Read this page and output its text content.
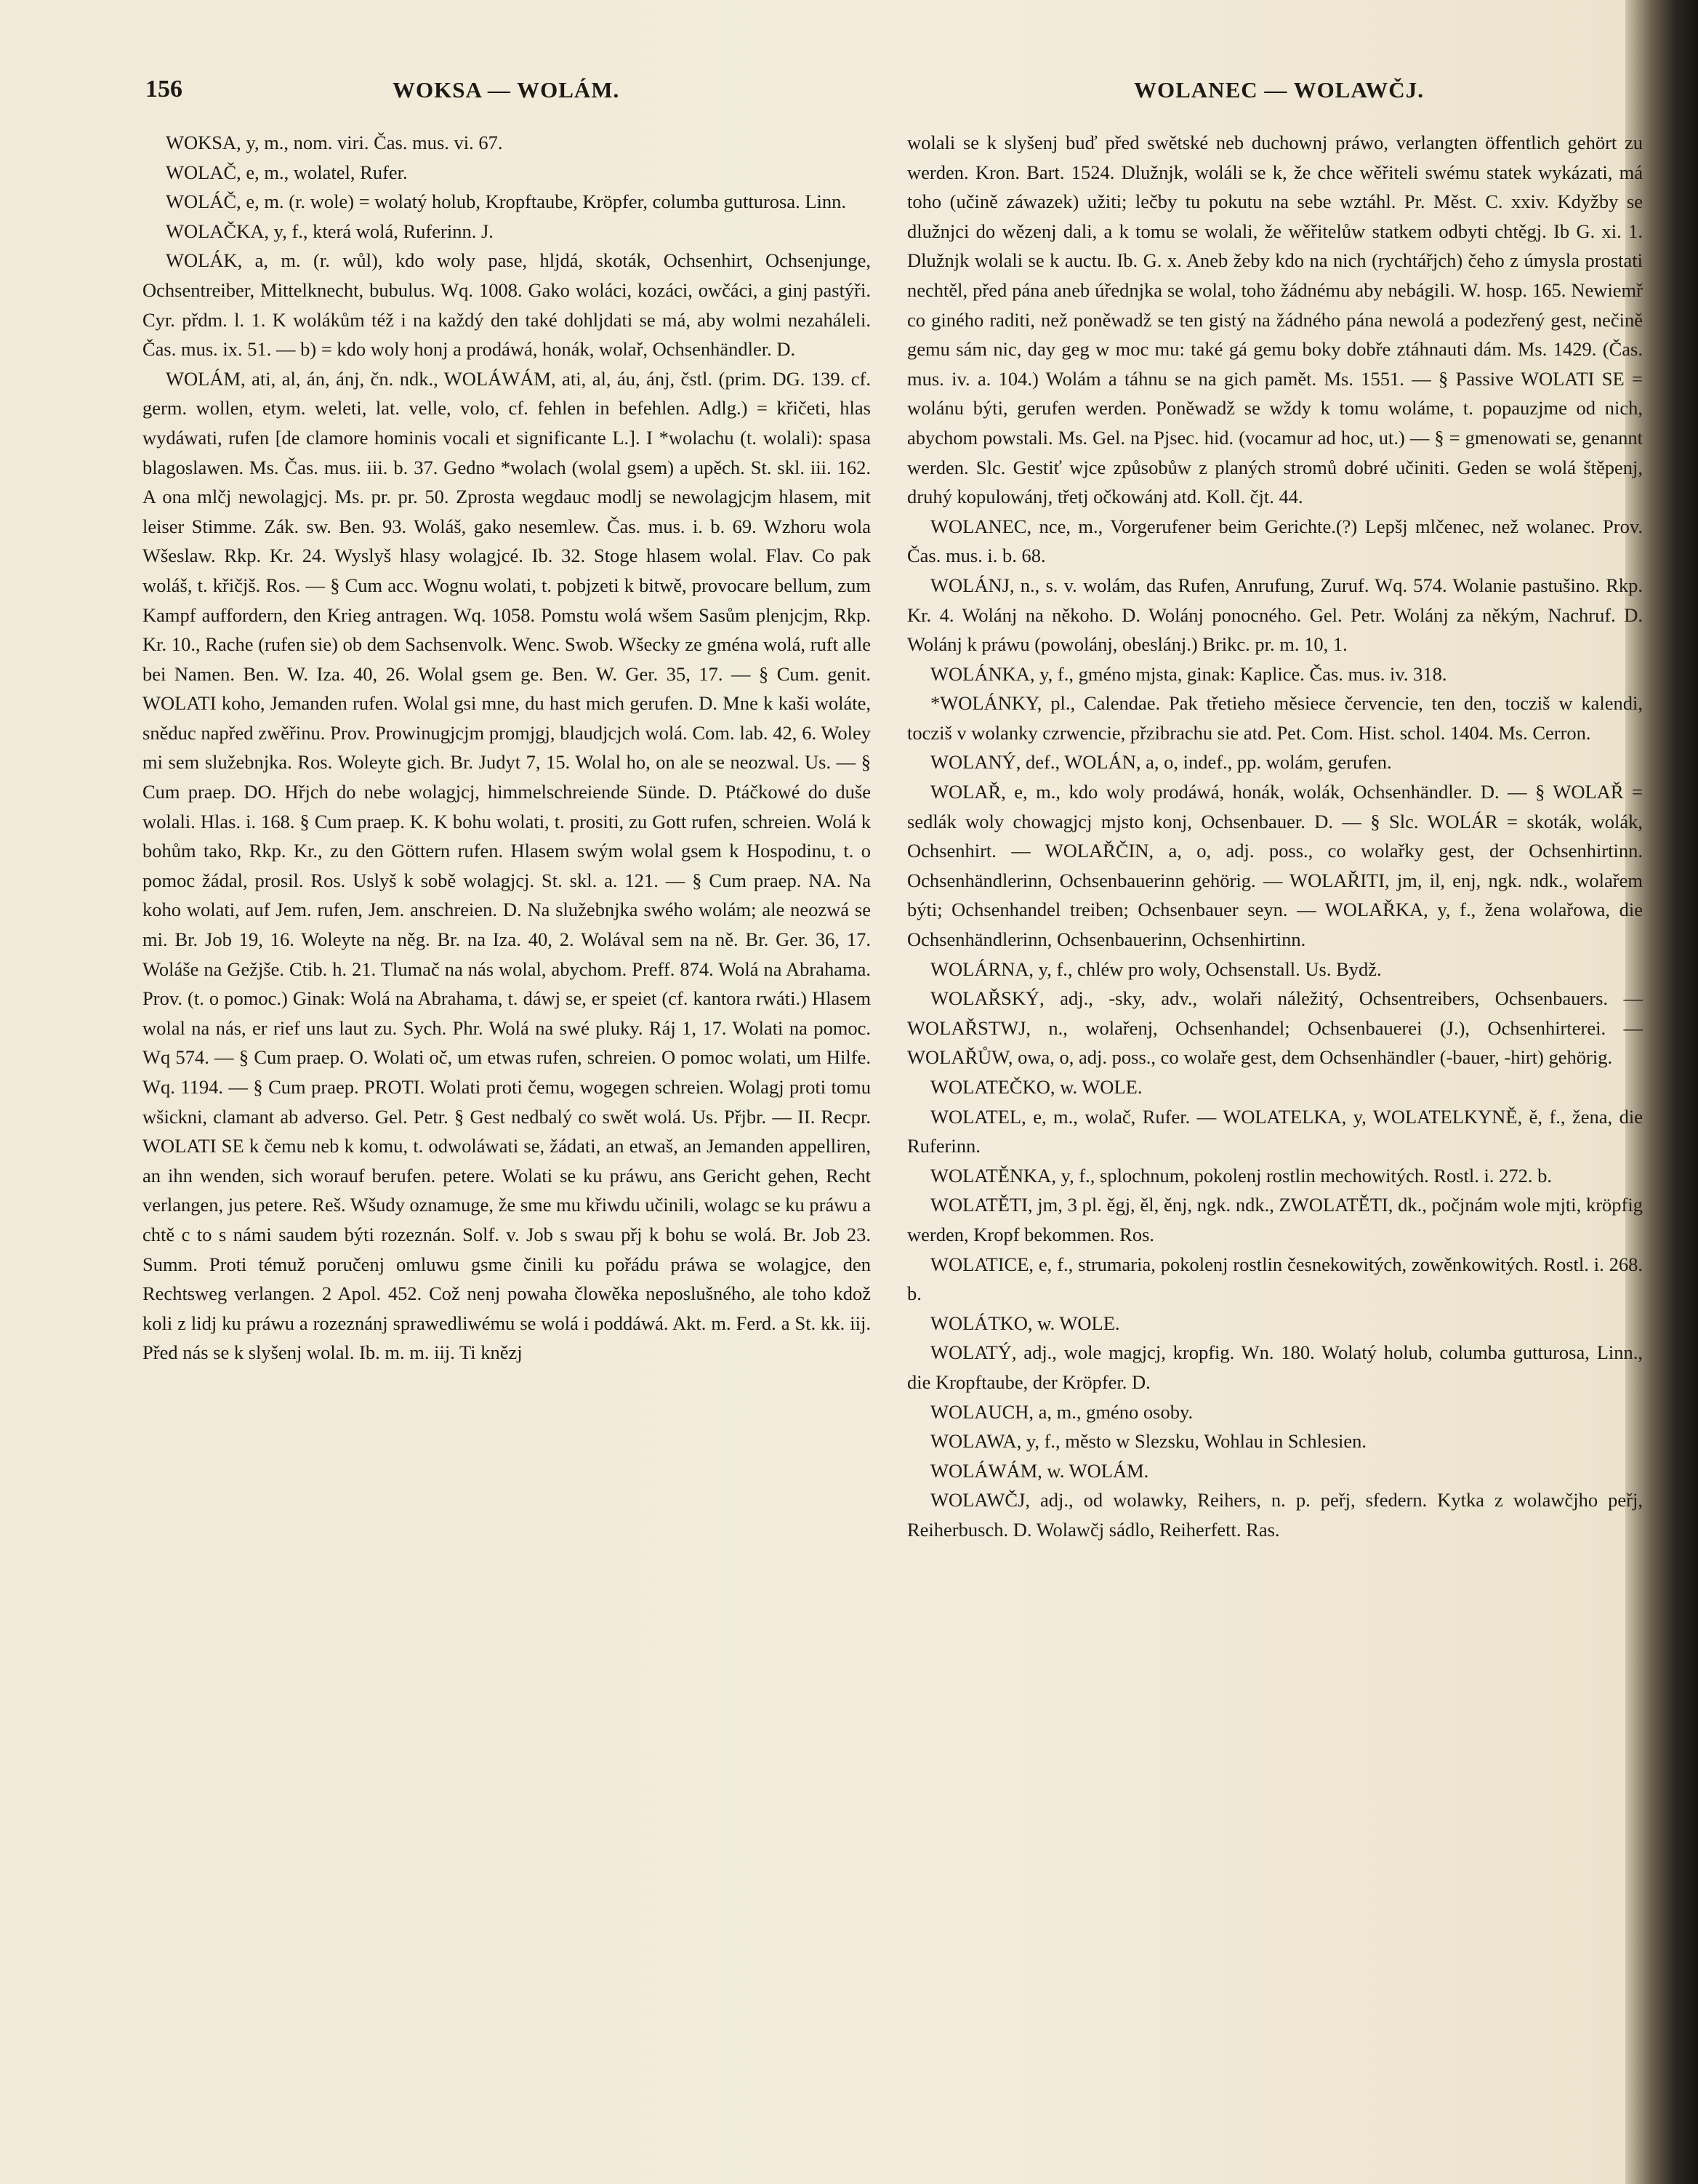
156	WOKSA — WOLÁM.	WOLANEC — WOLAWČJ.

WOKSA, y, m., nom. viri. Čas. mus. vi. 67.

WOLAČ, e, m., wolatel, Rufer.

WOLÁČ, e, m. (r. wole) = wolatý holub, Kropftaube, Kröpfer, columba gutturosa. Linn.

WOLAČKA, y, f., která wolá, Ruferinn. J.

WOLÁK, a, m. (r. wůl), kdo woly pase, hljdá, skoták, Ochsenhirt, Ochsenjunge, Ochsentreiber, Mittelknecht, bubulus. Wq. 1008. Gako woláci, kozáci, owčáci, a ginj pastýři. Cyr. přdm. l. 1. K wolákům též i na každý den také dohljdati se má, aby wolmi nezaháleli. Čas. mus. ix. 51. — b) = kdo woly honj a prodáwá, honák, wolař, Ochsenhändler. D.

WOLÁM, ati, al, án, ánj, čn. ndk., WOLÁWÁM, ati, al, áu, ánj, čstl. (prim. DG. 139. cf. germ. wollen, etym. weleti, lat. velle, volo, cf. fehlen in befehlen. Adlg.) = křičeti, hlas wydáwati, rufen [de clamore hominis vocali et significante L.]. I *wolachu (t. wolali): spasa blagoslawen. Ms. Čas. mus. iii. b. 37. Gedno *wolach (wolal gsem) a upěch. St. skl. iii. 162. A ona mlčj newolagjcj. Ms. pr. pr. 50. Zprosta wegdauc modlj se newolagjcjm hlasem, mit leiser Stimme. Zák. sw. Ben. 93. Woláš, gako nesemlew. Čas. mus. i. b. 69. Wzhoru wola Wšeslaw. Rkp. Kr. 24. Wyslyš hlasy wolagjcé. Ib. 32. Stoge hlasem wolal. Flav. Co pak woláš, t. křičjš. Ros. — § Cum acc. Wognu wolati, t. pobjzeti k bitwě, provocare bellum, zum Kampf auffordern, den Krieg antragen. Wq. 1058. Pomstu wolá wšem Sasům plenjcjm, Rkp. Kr. 10., Rache (rufen sie) ob dem Sachsenvolk. Wenc. Swob. Wšecky ze gména wolá, ruft alle bei Namen. Ben. W. Iza. 40, 26. Wolal gsem ge. Ben. W. Ger. 35, 17. — § Cum. genit. WOLATI koho, Jemanden rufen. Wolal gsi mne, du hast mich gerufen. D. Mne k kaši woláte, sněduc napřed zwěřinu. Prov. Prowinugjcjm promjgj, blaudjcjch wolá. Com. lab. 42, 6. Woley mi sem služebnjka. Ros. Woleyte gich. Br. Judyt 7, 15. Wolal ho, on ale se neozwal. Us. — § Cum praep. DO. Hřjch do nebe wolagjcj, himmelschreiende Sünde. D. Ptáčkowé do duše wolali. Hlas. i. 168. § Cum praep. K. K bohu wolati, t. prositi, zu Gott rufen, schreien. Wolá k bohům tako, Rkp. Kr., zu den Göttern rufen. Hlasem swým wolal gsem k Hospodinu, t. o pomoc žádal, prosil. Ros. Uslyš k sobě wolagjcj. St. skl. a. 121. — § Cum praep. NA. Na koho wolati, auf Jem. rufen, Jem. anschreien. D. Na služebnjka swého wolám; ale neozwá se mi. Br. Job 19, 16. Woleyte na něg. Br. na Iza. 40, 2. Wolával sem na ně. Br. Ger. 36, 17. Woláše na Gežjše. Ctib. h. 21. Tlumač na nás wolal, abychom. Preff. 874. Wolá na Abrahama. Prov. (t. o pomoc.) Ginak: Wolá na Abrahama, t. dáwj se, er speiet (cf. kantora rwáti.) Hlasem wolal na nás, er rief uns laut zu. Sych. Phr. Wolá na swé pluky. Ráj 1, 17. Wolati na pomoc. Wq 574. — § Cum praep. O. Wolati oč, um etwas rufen, schreien. O pomoc wolati, um Hilfe. Wq. 1194. — § Cum praep. PROTI. Wolati proti čemu, wogegen schreien. Wolagj proti tomu wšickni, clamant ab adverso. Gel. Petr. § Gest nedbalý co swět wolá. Us. Přjbr. — II. Recpr. WOLATI SE k čemu neb k komu, t. odwoláwati se, žádati, an etwaš, an Jemanden appelliren, an ihn wenden, sich worauf berufen. petere. Wolati se ku práwu, ans Gericht gehen, Recht verlangen, jus petere. Reš. Wšudy oznamuge, že sme mu křiwdu učinili, wolagc se ku práwu a chtě c to s námi saudem býti rozeznán. Solf. v. Job s swau přj k bohu se wolá. Br. Job 23. Summ. Proti témuž poručenj omluwu gsme činili ku pořádu práwa se wolagjce, den Rechtsweg verlangen. 2 Apol. 452. Což nenj powaha člowěka neposlušného, ale toho kdož koli z lidj ku práwu a rozeznánj sprawedliwému se wolá i poddáwá. Akt. m. Ferd. a St. kk. iij. Před nás se k slyšenj wolal. Ib. m. m. iij. Ti knězj

wolali se k slyšenj buď před swětské neb duchownj práwo, verlangten öffentlich gehört zu werden. Kron. Bart. 1524. Dlužnjk, woláli se k, že chce wěřiteli swému statek wykázati, má toho (učině záwazek) užiti; lečby tu pokutu na sebe wztáhl. Pr. Měst. C. xxiv. Kdyžby se dlužnjci do wězenj dali, a k tomu se wolali, že wěřitelůw statkem odbyti chtěgj. Ib G. xi. 1. Dlužnjk wolali se k auctu. Ib. G. x. Aneb žeby kdo na nich (rychtářjch) čeho z úmysla prostati nechtěl, před pána aneb úřednjka se wolal, toho žádnému aby nebágili. W. hosp. 165. Newiemř co giného raditi, než poněwadž se ten gistý na žádného pána newolá a podezřený gest, nečině gemu sám nic, day geg w moc mu: také gá gemu boky dobře ztáhnauti dám. Ms. 1429. (Čas. mus. iv. a. 104.) Wolám a táhnu se na gich pamět. Ms. 1551. — § Passive WOLATI SE = wolánu býti, gerufen werden. Poněwadž se wždy k tomu woláme, t. popauzjme od nich, abychom powstali. Ms. Gel. na Pjsec. hid. (vocamur ad hoc, ut.) — § = gmenowati se, genannt werden. Slc. Gestiť wjce způsobůw z planých stromů dobré učiniti. Geden se wolá štěpenj, druhý kopulowánj, třetj očkowánj atd. Koll. čjt. 44.

WOLANEC, nce, m., Vorgerufener beim Gerichte.(?) Lepšj mlčenec, než wolanec. Prov. Čas. mus. i. b. 68.

WOLÁNJ, n., s. v. wolám, das Rufen, Anrufung, Zuruf. Wq. 574. Wolanie pastušino. Rkp. Kr. 4. Wolánj na někoho. D. Wolánj ponocného. Gel. Petr. Wolánj za někým, Nachruf. D. Wolánj k práwu (powolánj, obeslánj.) Brikc. pr. m. 10, 1.

WOLÁNKA, y, f., gméno mjsta, ginak: Kaplice. Čas. mus. iv. 318.

*WOLÁNKY, pl., Calendae. Pak třetieho měsiece červencie, ten den, tocziš w kalendi, tocziš v wolanky czrwencie, přzibrachu sie atd. Pet. Com. Hist. schol. 1404. Ms. Cerron.

WOLANÝ, def., WOLÁN, a, o, indef., pp. wolám, gerufen.

WOLAŘ, e, m., kdo woly prodáwá, honák, wolák, Ochsenhändler. D. — § WOLAŘ = sedlák woly chowagjcj mjsto konj, Ochsenbauer. D. — § Slc. WOLÁR = skoták, wolák, Ochsenhirt. — WOLAŘČIN, a, o, adj. poss., co wolařky gest, der Ochsenhirtinn. Ochsenhändlerinn, Ochsenbauerinn gehörig. — WOLAŘITI, jm, il, enj, ngk. ndk., wolařem býti; Ochsenhandel treiben; Ochsenbauer seyn. — WOLAŘKA, y, f., žena wolařowa, die Ochsenhändlerinn, Ochsenbauerinn, Ochsenhirtinn.

WOLÁRNA, y, f., chléw pro woly, Ochsenstall. Us. Bydž.

WOLAŘSKÝ, adj., -sky, adv., wolaři náležitý, Ochsentreibers, Ochsenbauers. — WOLAŘSTWJ, n., wolařenj, Ochsenhandel; Ochsenbauerei (J.), Ochsenhirterei. — WOLAŘŮW, owa, o, adj. poss., co wolaře gest, dem Ochsenhändler (-bauer, -hirt) gehörig.

WOLATEČKO, w. WOLE.

WOLATEL, e, m., wolač, Rufer. — WOLATELKA, y, WOLATELKYNĚ, ě, f., žena, die Ruferinn.

WOLATĚNKA, y, f., splochnum, pokolenj rostlin mechowitých. Rostl. i. 272. b.

WOLATĚTI, jm, 3 pl. ěgj, ěl, ěnj, ngk. ndk., ZWOLATĚTI, dk., počjnám wole mjti, kröpfig werden, Kropf bekommen. Ros.

WOLATICE, e, f., strumaria, pokolenj rostlin česnekowitých, zowěnkowitých. Rostl. i. 268. b.

WOLÁTKO, w. WOLE.

WOLATÝ, adj., wole magjcj, kropfig. Wn. 180. Wolatý holub, columba gutturosa, Linn., die Kropftaube, der Kröpfer. D.

WOLAUCH, a, m., gméno osoby.

WOLAWA, y, f., město w Slezsku, Wohlau in Schlesien.

WOLÁWÁM, w. WOLÁM.

WOLAWČJ, adj., od wolawky, Reihers, n. p. peřj, sfedern. Kytka z wolawčjho peřj, Reiherbusch. D. Wolawčj sádlo, Reiherfett. Ras.
